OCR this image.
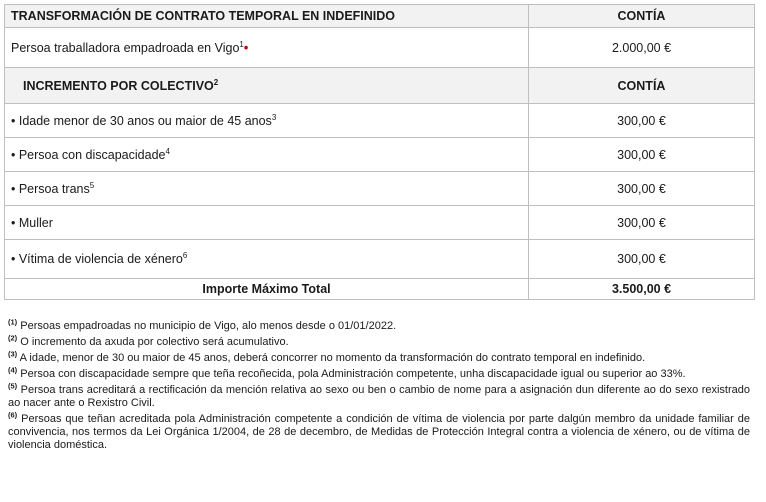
TRANSFORMACIÓN DE CONTRATO TEMPORAL EN INDEFINIDO	CONTÍA
Persoa traballadora empadroada en Vigo$^1$•	2.000,00 €
INCREMENTO POR COLECTIVO$^2$	CONTÍA
• Idade menor de 30 anos ou maior de 45 anos$^3$	300,00 €
• Persoa con discapacidade$^4$	300,00 €
• Persoa trans$^5$	300,00 €
• Muller	300,00 €
• Vítima de violencia de xénero$^6$	300,00 €
Importe Máximo Total	3.500,00 €

$^{(1)}$ Persoas empadroadas no municipio de Vigo, alo menos desde o 01/01/2022.

$^{(2)}$ O incremento da axuda por colectivo será acumulativo.

$^{(3)}$ A idade, menor de 30 ou maior de 45 anos, deberá concorrer no momento da transformación do contrato temporal en indefinido.

$^{(4)}$ Persoa con discapacidade sempre que teña recoñecida, pola Administración competente, unha discapacidade igual ou superior ao 33%.

$^{(5)}$ Persoa trans acreditará a rectificación da mención relativa ao sexo ou ben o cambio de nome para a asignación dun diferente ao do sexo rexistrado ao nacer ante o Rexistro Civil.

$^{(6)}$ Persoas que teñan acreditada pola Administración competente a condición de vítima de violencia por parte dalgún membro da unidade familiar de convivencia, nos termos da Lei Orgánica 1/2004, de 28 de decembro, de Medidas de Protección Integral contra a violencia de xénero, ou de vítima de violencia doméstica.
